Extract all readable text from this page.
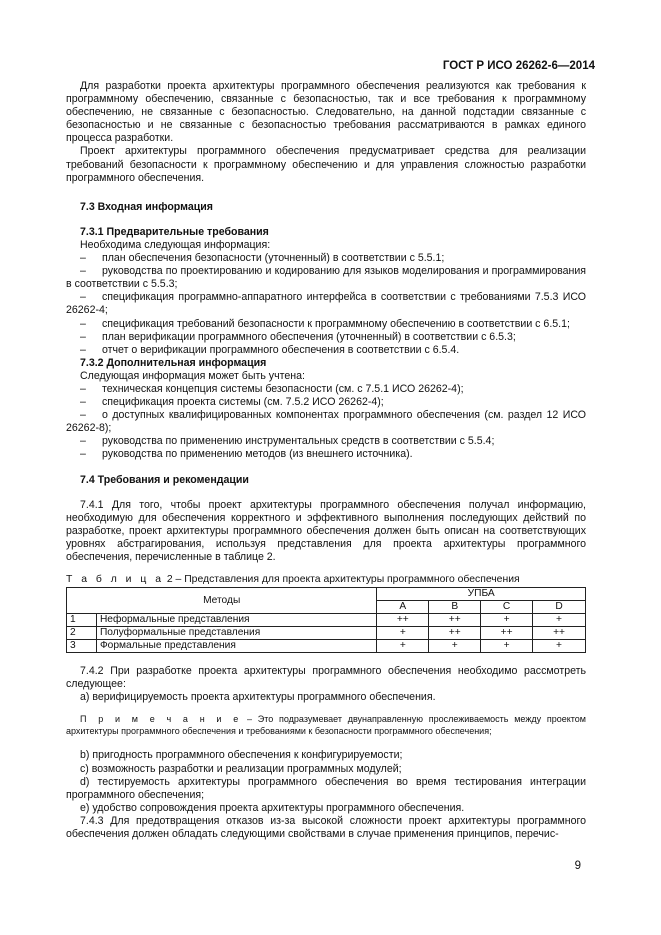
ГОСТ Р ИСО 26262-6—2014

Для разработки проекта архитектуры программного обеспечения реализуются как требования к программному обеспечению, связанные с безопасностью, так и все требования к программному обеспечению, не связанные с безопасностью. Следовательно, на данной подстадии связанные с безопасностью и не связанные с безопасностью требования рассматриваются в рамках единого процесса разработки.

Проект архитектуры программного обеспечения предусматривает средства для реализации требований безопасности к программному обеспечению и для управления сложностью разработки программного обеспечения.

7.3 Входная информация

7.3.1 Предварительные требования

Необходима следующая информация:

– план обеспечения безопасности (уточненный) в соответствии с 5.5.1;
– руководства по проектированию и кодированию для языков моделирования и программирования в соответствии с 5.5.3;
– спецификация программно-аппаратного интерфейса в соответствии с требованиями 7.5.3 ИСО 26262-4;
– спецификация требований безопасности к программному обеспечению в соответствии с 6.5.1;
– план верификации программного обеспечения (уточненный) в соответствии с 6.5.3;
– отчет о верификации программного обеспечения в соответствии с 6.5.4.

7.3.2 Дополнительная информация

Следующая информация может быть учтена:

– техническая концепция системы безопасности (см. с 7.5.1 ИСО 26262-4);
– спецификация проекта системы (см. 7.5.2 ИСО 26262-4);
– о доступных квалифицированных компонентах программного обеспечения (см. раздел 12 ИСО 26262-8);
– руководства по применению инструментальных средств в соответствии с 5.5.4;
– руководства по применению методов (из внешнего источника).

7.4 Требования и рекомендации

7.4.1 Для того, чтобы проект архитектуры программного обеспечения получал информацию, необходимую для обеспечения корректного и эффективного выполнения последующих действий по разработке, проект архитектуры программного обеспечения должен быть описан на соответствующих уровнях абстрагирования, используя представления для проекта архитектуры программного обеспечения, перечисленные в таблице 2.

Т а б л и ц а 2 – Представления для проекта архитектуры программного обеспечения

Методы		УПБА			
		A	B	C	D
1	Неформальные представления	++	++	+	+
2	Полуформальные представления	+	++	++	++
3	Формальные представления	+	+	+	+

7.4.2 При разработке проекта архитектуры программного обеспечения необходимо рассмотреть следующее:

а) верифицируемость проекта архитектуры программного обеспечения.

П р и м е ч а н и е – Это подразумевает двунаправленную прослеживаемость между проектом архитектуры программного обеспечения и требованиями к безопасности программного обеспечения;

b) пригодность программного обеспечения к конфигурируемости;

c) возможность разработки и реализации программных модулей;

d) тестируемость архитектуры программного обеспечения во время тестирования интеграции программного обеспечения;

e) удобство сопровождения проекта архитектуры программного обеспечения.

7.4.3 Для предотвращения отказов из-за высокой сложности проект архитектуры программного обеспечения должен обладать следующими свойствами в случае применения принципов, перечис-

9
